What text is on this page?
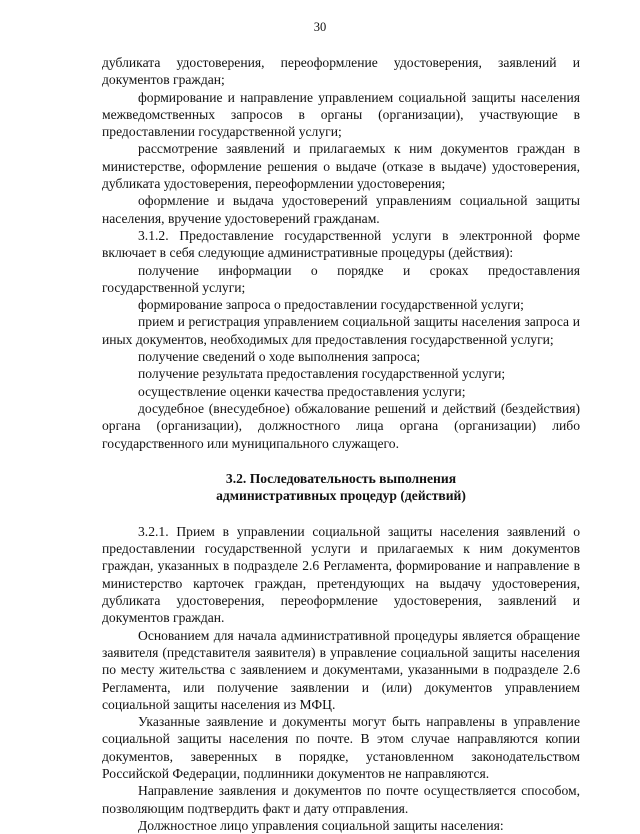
30

дубликата удостоверения, переоформление удостоверения, заявлений и документов граждан;

формирование и направление управлением социальной защиты населения межведомственных запросов в органы (организации), участвующие в предоставлении государственной услуги;

рассмотрение заявлений и прилагаемых к ним документов граждан в министерстве, оформление решения о выдаче (отказе в выдаче) удостоверения, дубликата удостоверения, переоформлении удостоверения;

оформление и выдача удостоверений управлениям социальной защиты населения, вручение удостоверений гражданам.

3.1.2. Предоставление государственной услуги в электронной форме включает в себя следующие административные процедуры (действия):

получение информации о порядке и сроках предоставления государственной услуги;

формирование запроса о предоставлении государственной услуги;

прием и регистрация управлением социальной защиты населения запроса и иных документов, необходимых для предоставления государственной услуги;

получение сведений о ходе выполнения запроса;

получение результата предоставления государственной услуги;

осуществление оценки качества предоставления услуги;

досудебное (внесудебное) обжалование решений и действий (бездействия) органа (организации), должностного лица органа (организации) либо государственного или муниципального служащего.

3.2. Последовательность выполнения

административных процедур (действий)

3.2.1. Прием в управлении социальной защиты населения заявлений о предоставлении государственной услуги и прилагаемых к ним документов граждан, указанных в подразделе 2.6 Регламента, формирование и направление в министерство карточек граждан, претендующих на выдачу удостоверения, дубликата удостоверения, переоформление удостоверения, заявлений и документов граждан.

Основанием для начала административной процедуры является обращение заявителя (представителя заявителя) в управление социальной защиты населения по месту жительства с заявлением и документами, указанными в подразделе 2.6 Регламента, или получение заявлении и (или) документов управлением социальной защиты населения из МФЦ.

Указанные заявление и документы могут быть направлены в управление социальной защиты населения по почте. В этом случае направляются копии документов, заверенных в порядке, установленном законодательством Российской Федерации, подлинники документов не направляются.

Направление заявления и документов по почте осуществляется способом, позволяющим подтвердить факт и дату отправления.

Должностное лицо управления социальной защиты населения:
